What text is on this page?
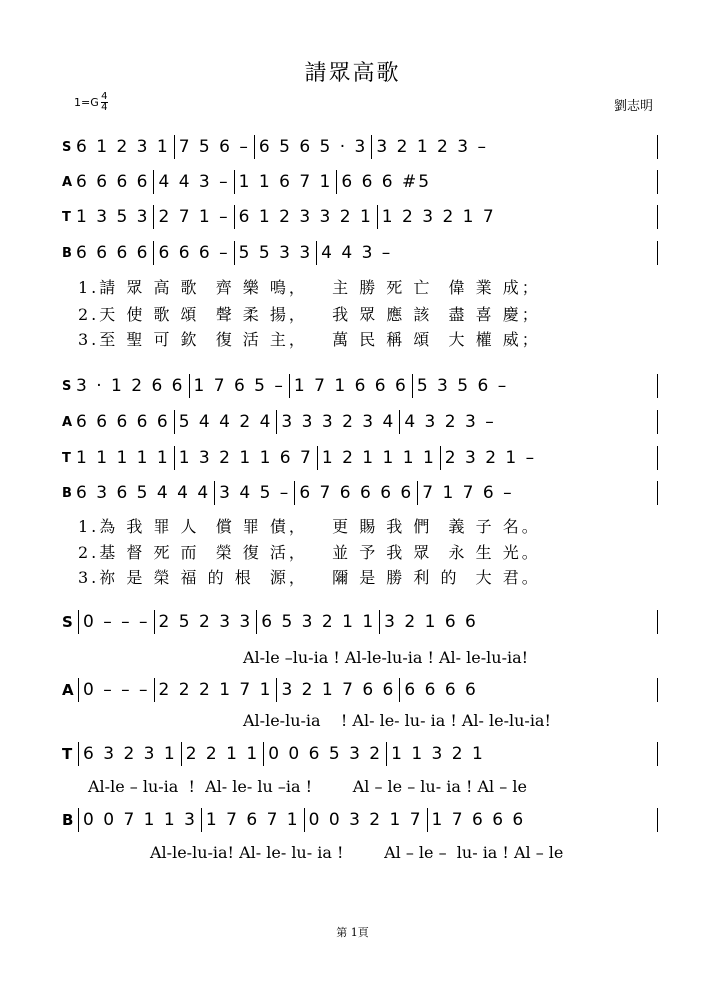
請眾高歌
$1=G \frac{4}{4}$	劉志明
S 6 1 2 3 1 7 5 6 – 6 5 6 5 · 3 3 2 1 2 3 –
A 6 6 6 6 4 4 3 – 1 1 6 7 1 6 6 6 #5
T 1 3 5 3 2 7 1 – 6 1 2 3 3 2 1 1 2 3 2 1 7
B 6 6 6 6 6 6 6 – 5 5 3 3 4 4 3 –
1.請 眾 高 歌  齊 樂 鳴，   主 勝 死 亡  偉 業 成；
2.天 使 歌 頌  聲 柔 揚，   我 眾 應 該  盡 喜 慶；
3.至 聖 可 欽  復 活 主，   萬 民 稱 頌  大 權 威；
S 3 · 1 2 6 6 1 7 6 5 – 1 7 1 6 6 6 5 3 5 6 –
A 6 6 6 6 6 5 4 4 2 4 3 3 3 2 3 4 4 3 2 3 –
T 1 1 1 1 1 1 3 2 1 1 6 7 1 2 1 1 1 1 2 3 2 1 –
B 6 3 6 5 4 4 4 3 4 5 – 6 7 6 6 6 6 7 1 7 6 –
1.為 我 罪 人  償 罪 債，   更 賜 我 們  義 子 名。
2.基 督 死 而  榮 復 活，   並 予 我 眾  永 生 光。
3.祢 是 榮 福 的 根  源，   隬 是 勝 利 的  大 君。
S 0 – – – 2 5 2 3 3 6 5 3 2 1 1 3 2 1 6 6
Al-le –lu-ia ! Al-le-lu-ia ! Al- le-lu-ia!
A 0 – – – 2 2 2 1 7 1 3 2 1 7 6 6 6 6 6 6
Al-le-lu-ia    ! Al- le- lu- ia ! Al- le-lu-ia!
T 6 3 2 3 1 2 2 1 1 0 0 6 5 3 2 1 1 3 2 1
Al-le – lu-ia  !  Al- le- lu –ia !        Al – le – lu- ia ! Al – le
B 0 0 7 1 1 3 1 7 6 7 1 0 0 3 2 1 7 1 7 6 6 6
Al-le-lu-ia! Al- le- lu- ia !        Al – le –  lu- ia ! Al – le
第 1頁
